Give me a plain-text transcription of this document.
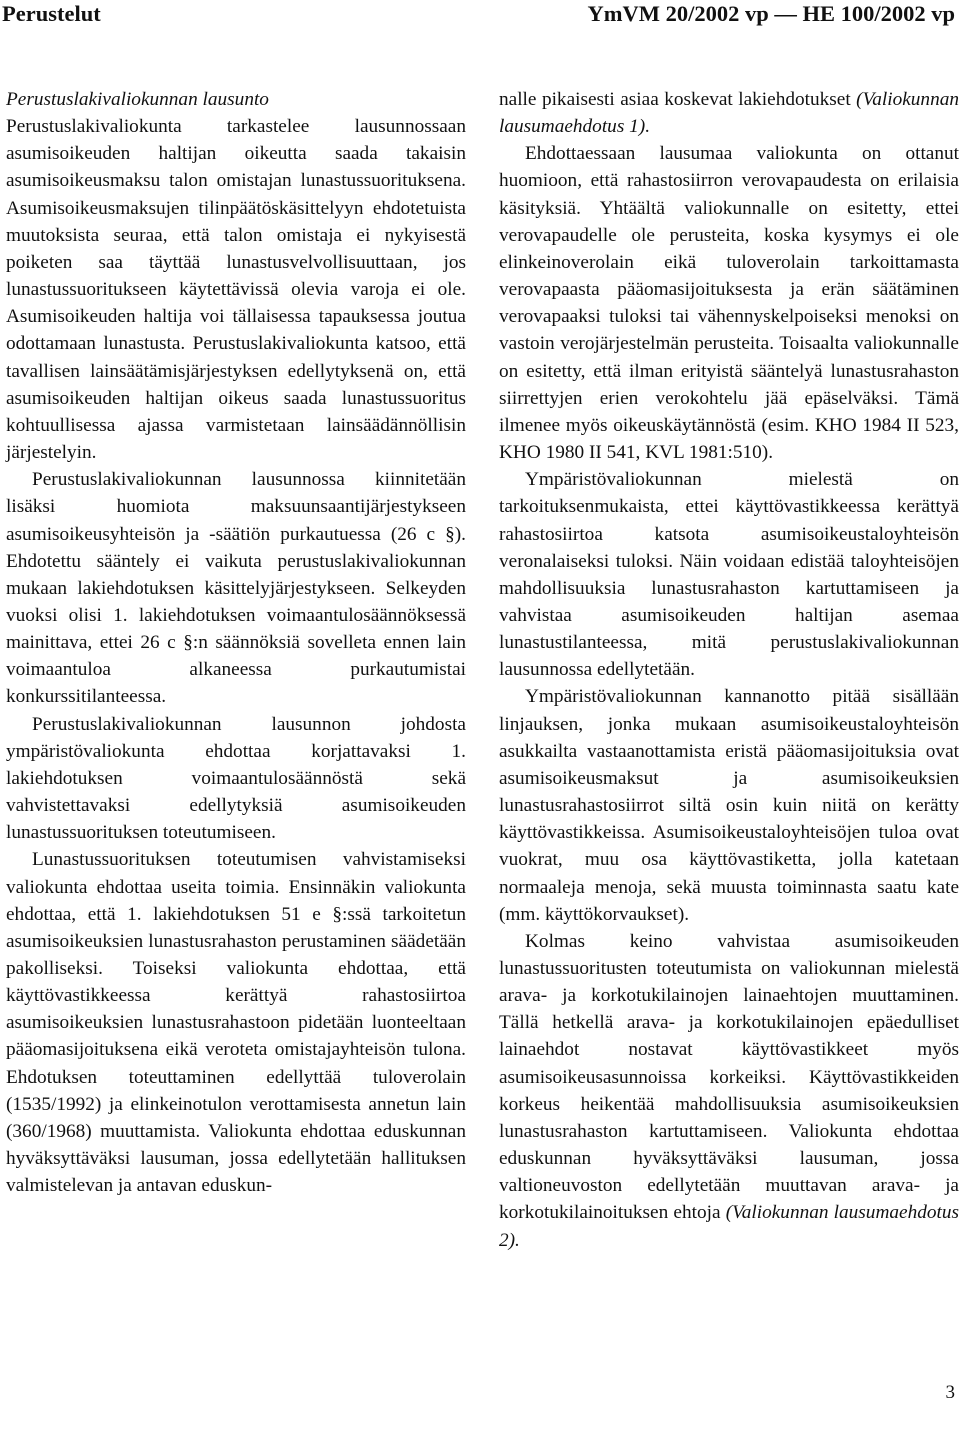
Perustelut	YmVM 20/2002 vp — HE 100/2002 vp

Perustuslakivaliokunnan lausunto

Perustuslakivaliokunta tarkastelee lausunnossaan asumisoikeuden haltijan oikeutta saada takaisin asumisoikeusmaksu talon omistajan lunastussuorituksena. Asumisoikeusmaksujen tilinpäätöskäsittelyyn ehdotetuista muutoksista seuraa, että talon omistaja ei nykyisestä poiketen saa täyttää lunastusvelvollisuuttaan, jos lunastussuoritukseen käytettävissä olevia varoja ei ole. Asumisoikeuden haltija voi tällaisessa tapauksessa joutua odottamaan lunastusta. Perustuslakivaliokunta katsoo, että tavallisen lainsäätämisjärjestyksen edellytyksenä on, että asumisoikeuden haltijan oikeus saada lunastussuoritus kohtuullisessa ajassa varmistetaan lainsäädännöllisin järjestelyin.

Perustuslakivaliokunnan lausunnossa kiinnitetään lisäksi huomiota maksuunsaantijärjestykseen asumisoikeusyhteisön ja -säätiön purkautuessa (26 c §). Ehdotettu sääntely ei vaikuta perustuslakivaliokunnan mukaan lakiehdotuksen käsittelyjärjestykseen. Selkeyden vuoksi olisi 1. lakiehdotuksen voimaantulosäännöksessä mainittava, ettei 26 c §:n säännöksiä sovelleta ennen lain voimaantuloa alkaneessa purkautumistai konkurssitilanteessa.

Perustuslakivaliokunnan lausunnon johdosta ympäristövaliokunta ehdottaa korjattavaksi 1. lakiehdotuksen voimaantulosäännöstä sekä vahvistettavaksi edellytyksiä asumisoikeuden lunastussuorituksen toteutumiseen.

Lunastussuorituksen toteutumisen vahvistamiseksi valiokunta ehdottaa useita toimia. Ensinnäkin valiokunta ehdottaa, että 1. lakiehdotuksen 51 e §:ssä tarkoitetun asumisoikeuksien lunastusrahaston perustaminen säädetään pakolliseksi. Toiseksi valiokunta ehdottaa, että käyttövastikkeessa kerättyä rahastosiirtoa asumisoikeuksien lunastusrahastoon pidetään luonteeltaan pääomasijoituksena eikä veroteta omistajayhteisön tulona. Ehdotuksen toteuttaminen edellyttää tuloverolain (1535/1992) ja elinkeinotulon verottamisesta annetun lain (360/1968) muuttamista. Valiokunta ehdottaa eduskunnan hyväksyttäväksi lausuman, jossa edellytetään hallituksen valmistelevan ja antavan eduskun-

nalle pikaisesti asiaa koskevat lakiehdotukset (Valiokunnan lausumaehdotus 1).

Ehdottaessaan lausumaa valiokunta on ottanut huomioon, että rahastosiirron verovapaudesta on erilaisia käsityksiä. Yhtäältä valiokunnalle on esitetty, ettei verovapaudelle ole perusteita, koska kysymys ei ole elinkeinoverolain eikä tuloverolain tarkoittamasta verovapaasta pääomasijoituksesta ja erän säätäminen verovapaaksi tuloksi tai vähennyskelpoiseksi menoksi on vastoin verojärjestelmän perusteita. Toisaalta valiokunnalle on esitetty, että ilman erityistä sääntelyä lunastusrahaston siirrettyjen erien verokohtelu jää epäselväksi. Tämä ilmenee myös oikeuskäytännöstä (esim. KHO 1984 II 523, KHO 1980 II 541, KVL 1981:510).

Ympäristövaliokunnan mielestä on tarkoituksenmukaista, ettei käyttövastikkeessa kerättyä rahastosiirtoa katsota asumisoikeustaloyhteisön veronalaiseksi tuloksi. Näin voidaan edistää taloyhteisöjen mahdollisuuksia lunastusrahaston kartuttamiseen ja vahvistaa asumisoikeuden haltijan asemaa lunastustilanteessa, mitä perustuslakivaliokunnan lausunnossa edellytetään.

Ympäristövaliokunnan kannanotto pitää sisällään linjauksen, jonka mukaan asumisoikeustaloyhteisön asukkailta vastaanottamista eristä pääomasijoituksia ovat asumisoikeusmaksut ja asumisoikeuksien lunastusrahastosiirrot siltä osin kuin niitä on kerätty käyttövastikkeissa. Asumisoikeustaloyhteisöjen tuloa ovat vuokrat, muu osa käyttövastiketta, jolla katetaan normaaleja menoja, sekä muusta toiminnasta saatu kate (mm. käyttökorvaukset).

Kolmas keino vahvistaa asumisoikeuden lunastussuoritusten toteutumista on valiokunnan mielestä arava- ja korkotukilainojen lainaehtojen muuttaminen. Tällä hetkellä arava- ja korkotukilainojen epäedulliset lainaehdot nostavat käyttövastikkeet myös asumisoikeusasunnoissa korkeiksi. Käyttövastikkeiden korkeus heikentää mahdollisuuksia asumisoikeuksien lunastusrahaston kartuttamiseen. Valiokunta ehdottaa eduskunnan hyväksyttäväksi lausuman, jossa valtioneuvoston edellytetään muuttavan arava- ja korkotukilainoituksen ehtoja (Valiokunnan lausumaehdotus 2).

3
